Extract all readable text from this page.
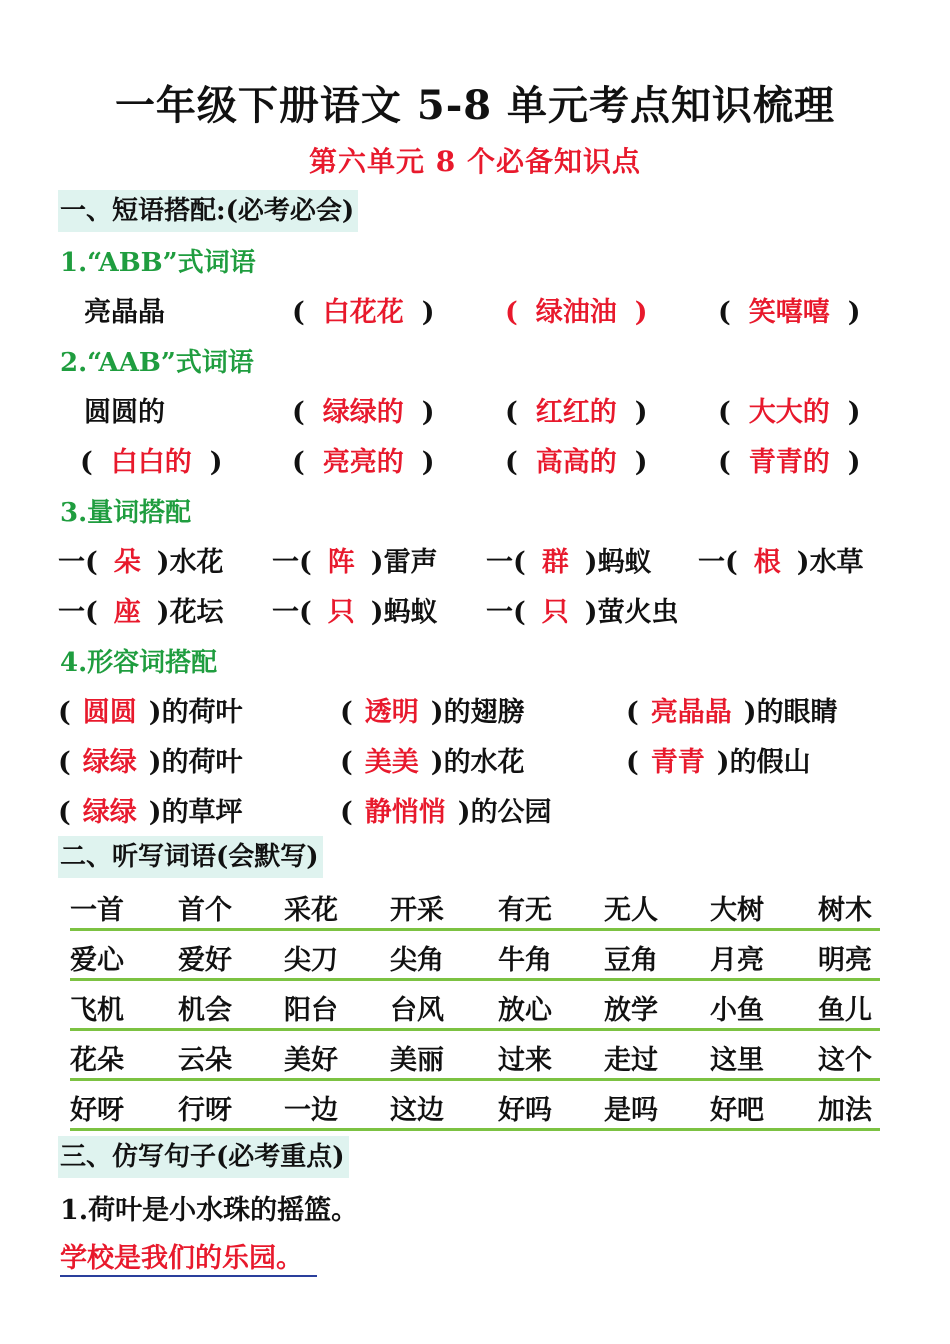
一年级下册语文 5-8 单元考点知识梳理
第六单元 8 个必备知识点
一、短语搭配:(必考必会)
1.“ABB”式词语
亮晶晶	( 白花花 )	( 绿油油 )	( 笑嘻嘻 )
2.“AAB”式词语
圆圆的	( 绿绿的 )	( 红红的 )	( 大大的 )
( 白白的 )	( 亮亮的 )	( 高高的 )	( 青青的 )
3.量词搭配
一( 朵 )水花 一( 阵 )雷声 一( 群 )蚂蚁 一( 根 )水草
一( 座 )花坛 一( 只 )蚂蚁 一( 只 )萤火虫
4.形容词搭配
( 圆圆 )的荷叶	( 透明 )的翅膀	( 亮晶晶 )的眼睛
( 绿绿 )的荷叶	( 美美 )的水花	( 青青 )的假山
( 绿绿 )的草坪	( 静悄悄 )的公园
二、听写词语(会默写)
一首 首个 采花 开采 有无 无人 大树 树木
爱心 爱好 尖刀 尖角 牛角 豆角 月亮 明亮
飞机 机会 阳台 台风 放心 放学 小鱼 鱼儿
花朵 云朵 美好 美丽 过来 走过 这里 这个
好呀 行呀 一边 这边 好吗 是吗 好吧 加法
三、仿写句子(必考重点)
1.荷叶是小水珠的摇篮。
学校是我们的乐园。
